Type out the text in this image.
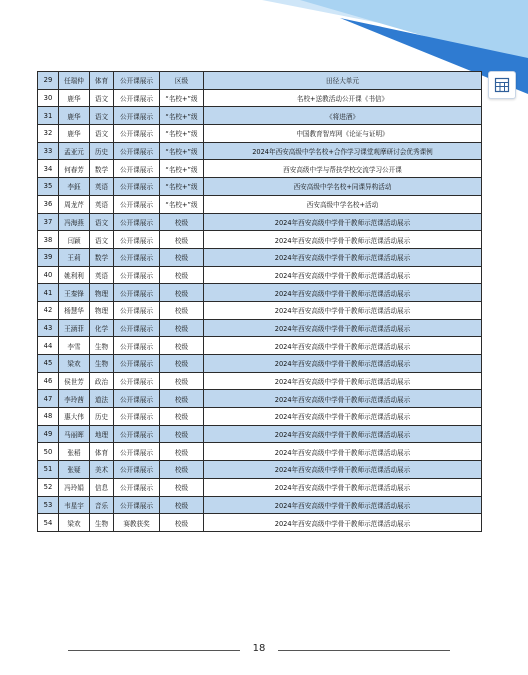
29	任瑞仲	体育	公开课展示	区级	田径大单元
30	鹿华	语文	公开课展示	“名校+”级	名校+送教活动公开课《书信》
31	鹿华	语文	公开课展示	“名校+”级	《将进酒》
32	鹿华	语文	公开课展示	“名校+”级	中国教育智库网《论证与证明》
33	孟亚元	历史	公开课展示	“名校+”级	2024年西安高级中学名校+合作学习课堂观摩研讨会优秀课例
34	何春芳	数学	公开课展示	“名校+”级	西安高级中学与帮扶学校交流学习公开课
35	李鈺	英语	公开课展示	“名校+”级	西安高级中学名校+同课异构活动
36	周龙芹	英语	公开课展示	“名校+”级	西安高级中学名校+活动
37	冯海燕	语文	公开课展示	校级	2024年西安高级中学骨干教师示范课活动展示
38	闫颖	语文	公开课展示	校级	2024年西安高级中学骨干教师示范课活动展示
39	王莉	数学	公开课展示	校级	2024年西安高级中学骨干教师示范课活动展示
40	姚利利	英语	公开课展示	校级	2024年西安高级中学骨干教师示范课活动展示
41	王秦锋	物理	公开课展示	校级	2024年西安高级中学骨干教师示范课活动展示
42	杨慧华	物理	公开课展示	校级	2024年西安高级中学骨干教师示范课活动展示
43	王涵菲	化学	公开课展示	校级	2024年西安高级中学骨干教师示范课活动展示
44	李雪	生物	公开课展示	校级	2024年西安高级中学骨干教师示范课活动展示
45	梁欢	生物	公开课展示	校级	2024年西安高级中学骨干教师示范课活动展示
46	侯世芳	政治	公开课展示	校级	2024年西安高级中学骨干教师示范课活动展示
47	李玲茜	道法	公开课展示	校级	2024年西安高级中学骨干教师示范课活动展示
48	惠大伟	历史	公开课展示	校级	2024年西安高级中学骨干教师示范课活动展示
49	马丽晖	地理	公开课展示	校级	2024年西安高级中学骨干教师示范课活动展示
50	张稻	体育	公开课展示	校级	2024年西安高级中学骨干教师示范课活动展示
51	张疑	美术	公开课展示	校级	2024年西安高级中学骨干教师示范课活动展示
52	冯玲娟	信息	公开课展示	校级	2024年西安高级中学骨干教师示范课活动展示
53	韦星宇	音乐	公开课展示	校级	2024年西安高级中学骨干教师示范课活动展示
54	梁欢	生物	赛教获奖	校级	2024年西安高级中学骨干教师示范课活动展示
18
